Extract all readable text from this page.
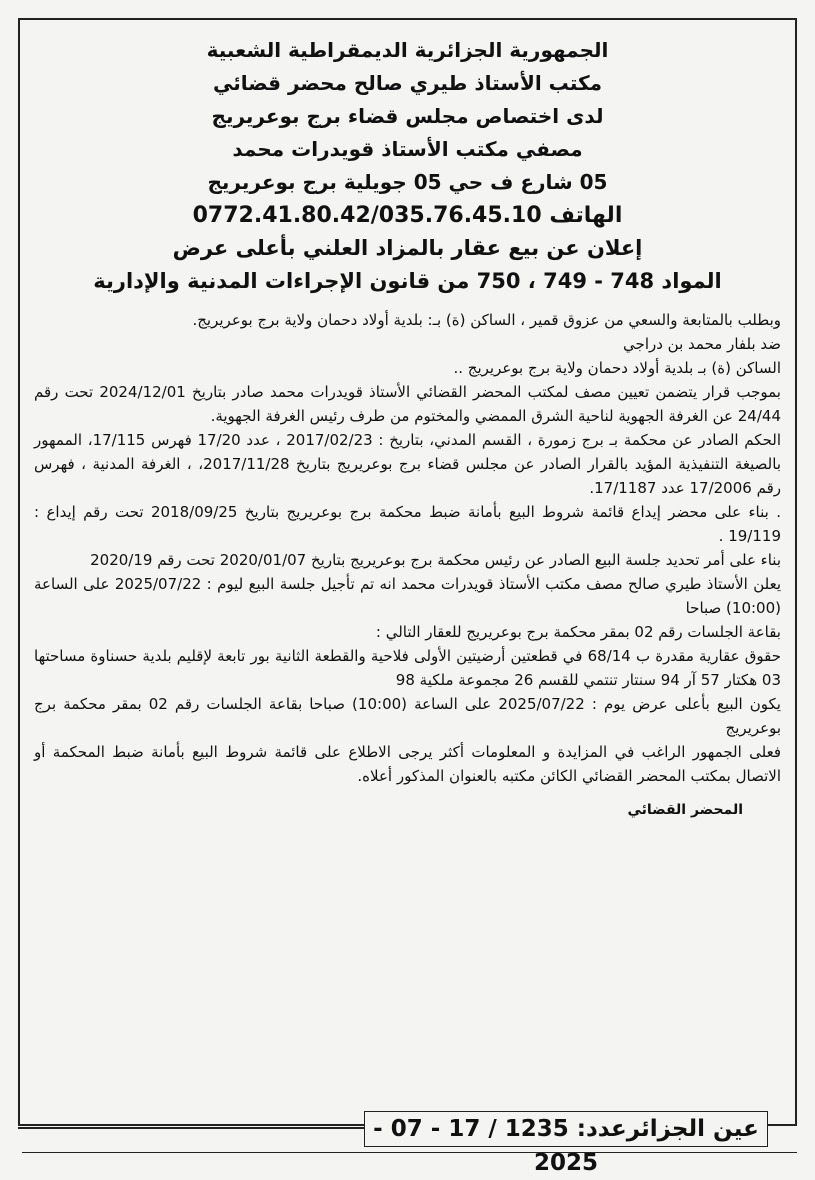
الجمهورية الجزائرية الديمقراطية الشعبية
مكتب الأستاذ طيري صالح محضر قضائي
لدى اختصاص مجلس قضاء برج بوعريريج
مصفي مكتب الأستاذ قويدرات محمد
05 شارع ف حي 05 جويلية برج بوعريريج
الهاتف 0772.41.80.42/035.76.45.10
إعلان عن بيع عقار بالمزاد العلني بأعلى عرض
المواد 748 - 749 ، 750 من قانون الإجراءات المدنية والإدارية

وبطلب بالمتابعة والسعي من عزوق قمير ، الساكن (ة) بـ: بلدية أولاد دحمان ولاية برج بوعريريج.

ضد بلفار محمد بن دراجي

الساكن (ة) بـ بلدية أولاد دحمان ولاية برج بوعريريج ..

بموجب قرار يتضمن تعيين مصف لمكتب المحضر القضائي الأستاذ قويدرات محمد صادر بتاريخ 2024/12/01 تحت رقم 24/44 عن الغرفة الجهوية لناحية الشرق الممضي والمختوم من طرف رئيس الغرفة الجهوية.

الحكم الصادر عن محكمة بـ برج زمورة ، القسم المدني، بتاريخ : 2017/02/23 ، عدد 17/20 فهرس 17/115، الممهور بالصيغة التنفيذية المؤيد بالقرار الصادر عن مجلس قضاء برج بوعريريج بتاريخ 2017/11/28، ، الغرفة المدنية ، فهرس رقم 17/2006 عدد 17/1187.

. بناء على محضر إيداع قائمة شروط البيع بأمانة ضبط محكمة برج بوعريريج بتاريخ 2018/09/25 تحت رقم إيداع : 19/119 .

بناء على أمر تحديد جلسة البيع الصادر عن رئيس محكمة برج بوعريريج بتاريخ 2020/01/07 تحت رقم 2020/19

يعلن الأستاذ طيري صالح مصف مكتب الأستاذ قويدرات محمد انه تم تأجيل جلسة البيع ليوم : 2025/07/22 على الساعة (10:00) صباحا

بقاعة الجلسات رقم 02 بمقر محكمة برج بوعريريج للعقار التالي :

حقوق عقارية مقدرة ب 68/14 في قطعتين أرضيتين الأولى فلاحية والقطعة الثانية بور تابعة لإقليم بلدية حسناوة مساحتها 03 هكتار 57 آر 94 سنتار تنتمي للقسم 26 مجموعة ملكية 98

يكون البيع بأعلى عرض يوم : 2025/07/22 على الساعة (10:00) صباحا بقاعة الجلسات رقم 02 بمقر محكمة برج بوعريريج

فعلى الجمهور الراغب في المزايدة و المعلومات أكثر يرجى الاطلاع على قائمة شروط البيع بأمانة ضبط المحكمة أو الاتصال بمكتب المحضر القضائي الكائن مكتبه بالعنوان المذكور أعلاه.

المحضر القضائي
عين الجزائرعدد: 1235 / 17 - 07 - 2025
